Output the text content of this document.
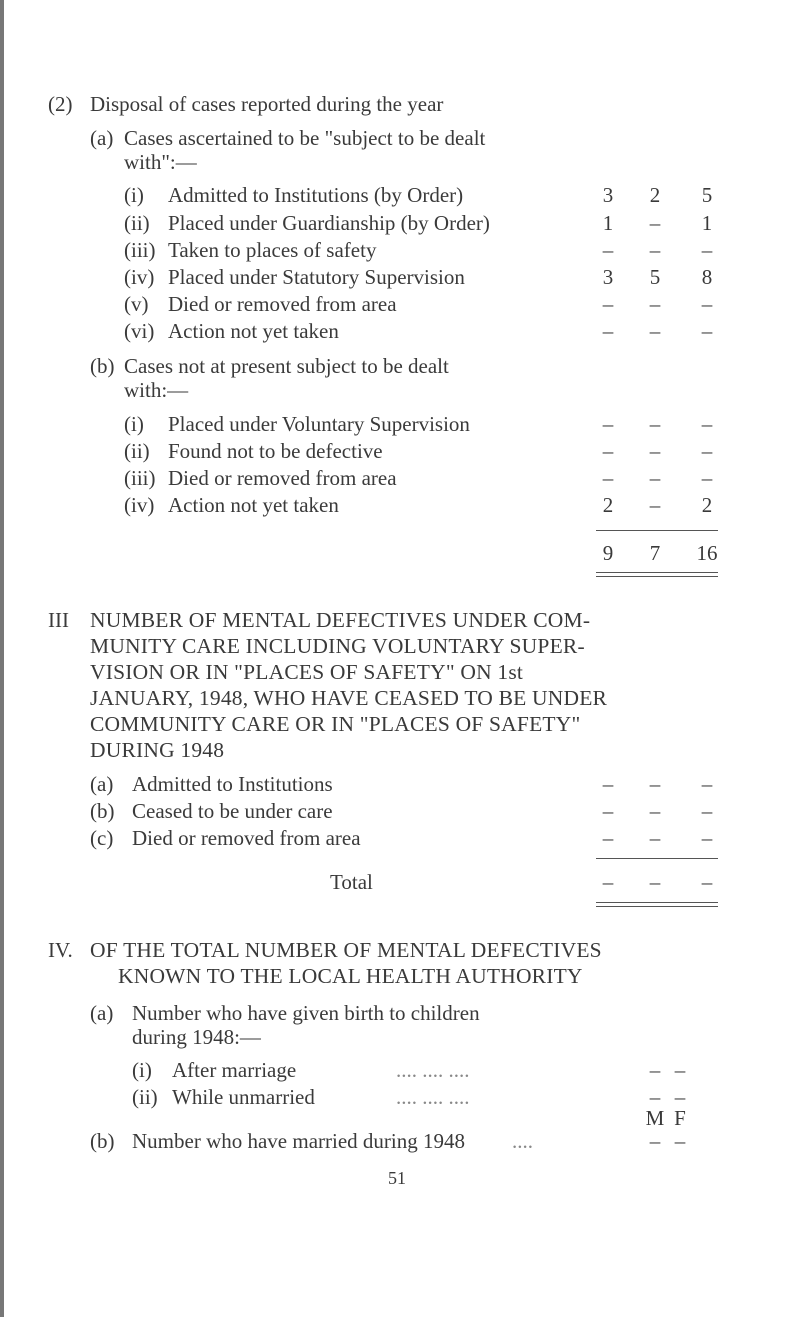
(2) Disposal of cases reported during the year
(a) Cases ascertained to be "subject to be dealt
with":—
(i) Admitted to Institutions (by Order)	3	2	5
(ii) Placed under Guardianship (by Order)	1	–	1
(iii) Taken to places of safety	–	–	–
(iv) Placed under Statutory Supervision	3	5	8
(v) Died or removed from area	–	–	–
(vi) Action not yet taken	–	–	–
(b) Cases not at present subject to be dealt
with:—
(i) Placed under Voluntary Supervision	–	–	–
(ii) Found not to be defective	–	–	–
(iii) Died or removed from area	–	–	–
(iv) Action not yet taken	2	–	2
9	7	16
III NUMBER OF MENTAL DEFECTIVES UNDER COM-
MUNITY CARE INCLUDING VOLUNTARY SUPER-
VISION OR IN "PLACES OF SAFETY" ON 1st
JANUARY, 1948, WHO HAVE CEASED TO BE UNDER
COMMUNITY CARE OR IN "PLACES OF SAFETY"
DURING 1948
(a) Admitted to Institutions	–	–	–
(b) Ceased to be under care	–	–	–
(c) Died or removed from area	–	–	–
Total	–	–	–
IV. OF THE TOTAL NUMBER OF MENTAL DEFECTIVES
KNOWN TO THE LOCAL HEALTH AUTHORITY
(a) Number who have given birth to children
during 1948:—
(i) After marriage	.... .... ....	– –
(ii) While unmarried	.... .... ....	– –
M F
(b) Number who have married during 1948 ....	– –
51
